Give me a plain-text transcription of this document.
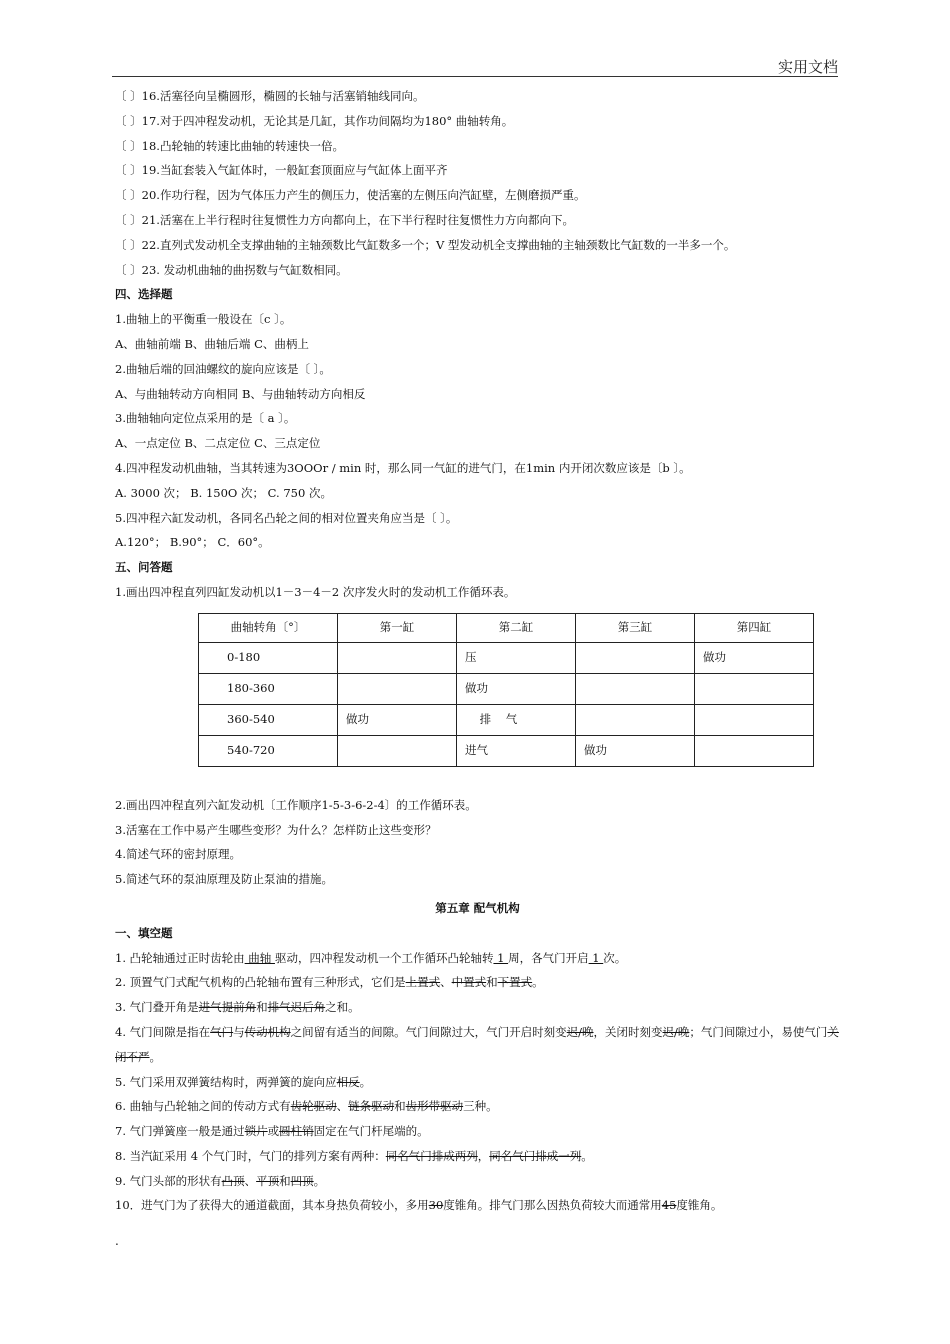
实用文档
〔 〕16.活塞径向呈椭圆形，椭圆的长轴与活塞销轴线同向。
〔 〕17.对于四冲程发动机，无论其是几缸，其作功间隔均为180° 曲轴转角。
〔 〕18.凸轮轴的转速比曲轴的转速快一倍。
〔 〕19.当缸套装入气缸体时，一般缸套顶面应与气缸体上面平齐
〔 〕20.作功行程，因为气体压力产生的侧压力，使活塞的左侧压向汽缸壁，左侧磨损严重。
〔 〕21.活塞在上半行程时往复惯性力方向都向上，在下半行程时往复惯性力方向都向下。
〔 〕22.直列式发动机全支撑曲轴的主轴颈数比气缸数多一个；V 型发动机全支撑曲轴的主轴颈数比气缸数的一半多一个。
〔 〕23. 发动机曲轴的曲拐数与气缸数相同。
四、选择题
1.曲轴上的平衡重一般设在〔c 〕。
A、曲轴前端 B、曲轴后端 C、曲柄上
2.曲轴后端的回油螺纹的旋向应该是〔 〕。
A、与曲轴转动方向相同 B、与曲轴转动方向相反
3.曲轴轴向定位点采用的是〔 a 〕。
A、一点定位 B、二点定位 C、三点定位
4.四冲程发动机曲轴，当其转速为3OOOr / min 时，那么同一气缸的进气门，在1min 内开闭次数应该是〔b 〕。
A. 3000 次； B. 150O 次； C. 750 次。
5.四冲程六缸发动机，各同名凸轮之间的相对位置夹角应当是〔 〕。
A.120°； B.90°； C．60°。
五、问答题
1.画出四冲程直列四缸发动机以1－3－4－2 次序发火时的发动机工作循环表。
曲轴转角〔°〕	第一缸	第二缸	第三缸	第四缸
0-180		压		做功
180-360		做功		
360-540	做功	排    气		
540-720		进气	做功	
2.画出四冲程直列六缸发动机〔工作顺序1-5-3-6-2-4〕的工作循环表。
3.活塞在工作中易产生哪些变形？为什么？怎样防止这些变形？
4.简述气环的密封原理。
5.简述气环的泵油原理及防止泵油的措施。
第五章 配气机构
一、填空题
1. 凸轮轴通过正时齿轮由 曲轴 驱动，四冲程发动机一个工作循环凸轮轴转 1 周，各气门开启 1 次。
2. 顶置气门式配气机构的凸轮轴布置有三种形式，它们是上置式、中置式和下置式。
3. 气门叠开角是进气提前角和排气迟后角之和。
4. 气门间隙是指在气门与传动机构之间留有适当的间隙。气门间隙过大，气门开启时刻变迟/晚，关闭时刻变迟/晚；气门间隙过小，易使气门关闭不严。
5. 气门采用双弹簧结构时，两弹簧的旋向应相反。
6. 曲轴与凸轮轴之间的传动方式有齿轮驱动、链条驱动和齿形带驱动三种。
7. 气门弹簧座一般是通过锁片或圆柱销固定在气门杆尾端的。
8. 当汽缸采用 4 个气门时，气门的排列方案有两种：同名气门排成两列，同名气门排成一列。
9. 气门头部的形状有凸顶、平顶和凹顶。
10．进气门为了获得大的通道截面，其本身热负荷较小，多用30度锥角。排气门那么因热负荷较大而通常用45度锥角。
.
